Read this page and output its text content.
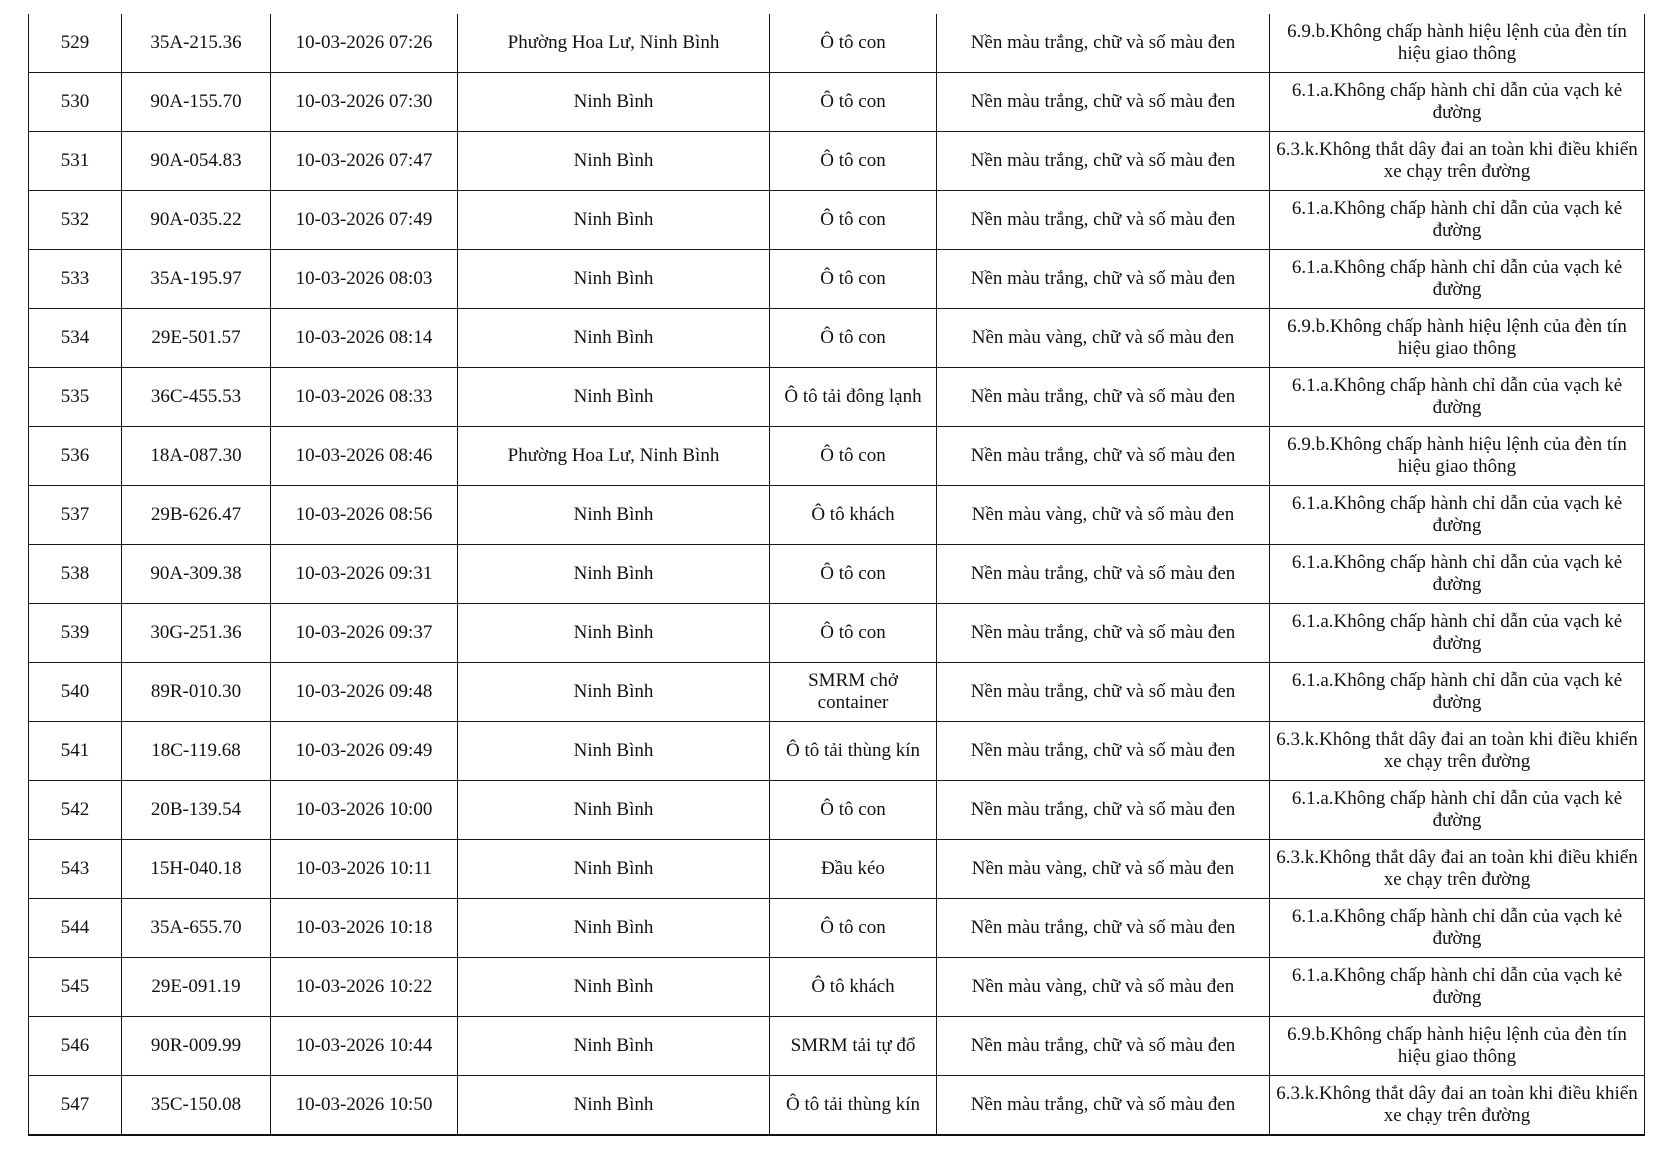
529	35A-215.36	10-03-2026 07:26	Phường Hoa Lư, Ninh Bình	Ô tô con	Nền màu trắng, chữ và số màu đen	6.9.b.Không chấp hành hiệu lệnh của đèn tín hiệu giao thông
530	90A-155.70	10-03-2026 07:30	Ninh Bình	Ô tô con	Nền màu trắng, chữ và số màu đen	6.1.a.Không chấp hành chỉ dẫn của vạch kẻ đường
531	90A-054.83	10-03-2026 07:47	Ninh Bình	Ô tô con	Nền màu trắng, chữ và số màu đen	6.3.k.Không thắt dây đai an toàn khi điều khiển xe chạy trên đường
532	90A-035.22	10-03-2026 07:49	Ninh Bình	Ô tô con	Nền màu trắng, chữ và số màu đen	6.1.a.Không chấp hành chỉ dẫn của vạch kẻ đường
533	35A-195.97	10-03-2026 08:03	Ninh Bình	Ô tô con	Nền màu trắng, chữ và số màu đen	6.1.a.Không chấp hành chỉ dẫn của vạch kẻ đường
534	29E-501.57	10-03-2026 08:14	Ninh Bình	Ô tô con	Nền màu vàng, chữ và số màu đen	6.9.b.Không chấp hành hiệu lệnh của đèn tín hiệu giao thông
535	36C-455.53	10-03-2026 08:33	Ninh Bình	Ô tô tải đông lạnh	Nền màu trắng, chữ và số màu đen	6.1.a.Không chấp hành chỉ dẫn của vạch kẻ đường
536	18A-087.30	10-03-2026 08:46	Phường Hoa Lư, Ninh Bình	Ô tô con	Nền màu trắng, chữ và số màu đen	6.9.b.Không chấp hành hiệu lệnh của đèn tín hiệu giao thông
537	29B-626.47	10-03-2026 08:56	Ninh Bình	Ô tô khách	Nền màu vàng, chữ và số màu đen	6.1.a.Không chấp hành chỉ dẫn của vạch kẻ đường
538	90A-309.38	10-03-2026 09:31	Ninh Bình	Ô tô con	Nền màu trắng, chữ và số màu đen	6.1.a.Không chấp hành chỉ dẫn của vạch kẻ đường
539	30G-251.36	10-03-2026 09:37	Ninh Bình	Ô tô con	Nền màu trắng, chữ và số màu đen	6.1.a.Không chấp hành chỉ dẫn của vạch kẻ đường
540	89R-010.30	10-03-2026 09:48	Ninh Bình	SMRM chở container	Nền màu trắng, chữ và số màu đen	6.1.a.Không chấp hành chỉ dẫn của vạch kẻ đường
541	18C-119.68	10-03-2026 09:49	Ninh Bình	Ô tô tải thùng kín	Nền màu trắng, chữ và số màu đen	6.3.k.Không thắt dây đai an toàn khi điều khiển xe chạy trên đường
542	20B-139.54	10-03-2026 10:00	Ninh Bình	Ô tô con	Nền màu trắng, chữ và số màu đen	6.1.a.Không chấp hành chỉ dẫn của vạch kẻ đường
543	15H-040.18	10-03-2026 10:11	Ninh Bình	Đầu kéo	Nền màu vàng, chữ và số màu đen	6.3.k.Không thắt dây đai an toàn khi điều khiển xe chạy trên đường
544	35A-655.70	10-03-2026 10:18	Ninh Bình	Ô tô con	Nền màu trắng, chữ và số màu đen	6.1.a.Không chấp hành chỉ dẫn của vạch kẻ đường
545	29E-091.19	10-03-2026 10:22	Ninh Bình	Ô tô khách	Nền màu vàng, chữ và số màu đen	6.1.a.Không chấp hành chỉ dẫn của vạch kẻ đường
546	90R-009.99	10-03-2026 10:44	Ninh Bình	SMRM tải tự đổ	Nền màu trắng, chữ và số màu đen	6.9.b.Không chấp hành hiệu lệnh của đèn tín hiệu giao thông
547	35C-150.08	10-03-2026 10:50	Ninh Bình	Ô tô tải thùng kín	Nền màu trắng, chữ và số màu đen	6.3.k.Không thắt dây đai an toàn khi điều khiển xe chạy trên đường
